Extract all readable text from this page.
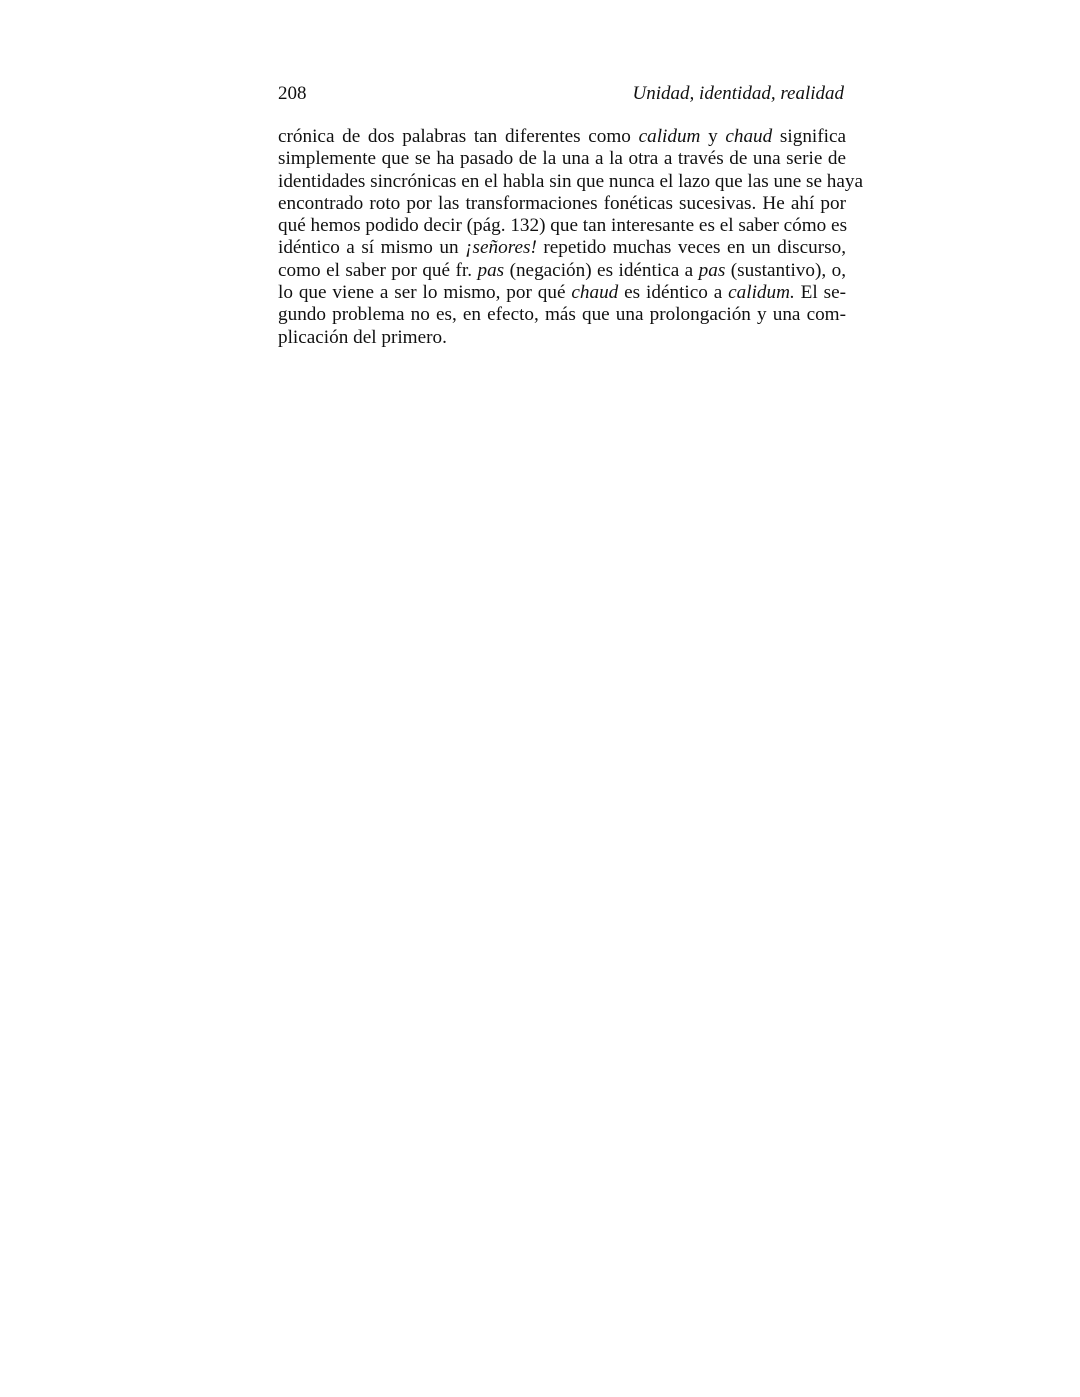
208	Unidad, identidad, realidad
crónica de dos palabras tan diferentes como calidum y chaud significa
simplemente que se ha pasado de la una a la otra a través de una serie de
identidades sincrónicas en el habla sin que nunca el lazo que las une se haya
encontrado roto por las transformaciones fonéticas sucesivas. He ahí por
qué hemos podido decir (pág. 132) que tan interesante es el saber cómo es
idéntico a sí mismo un ¡señores! repetido muchas veces en un discurso,
como el saber por qué fr. pas (negación) es idéntica a pas (sustantivo), o,
lo que viene a ser lo mismo, por qué chaud es idéntico a calidum. El se-
gundo problema no es, en efecto, más que una prolongación y una com-
plicación del primero.
